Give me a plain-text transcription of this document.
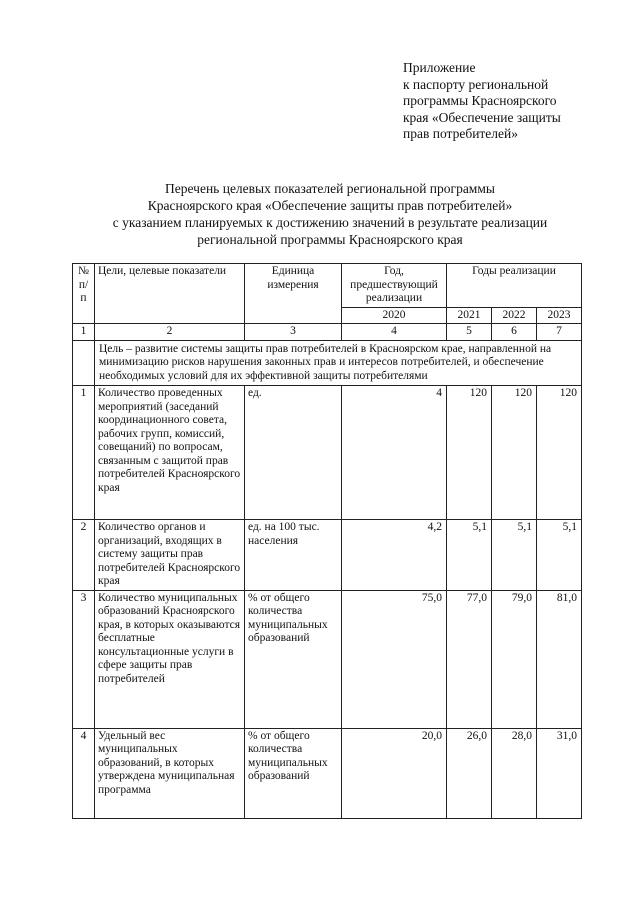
Приложение
к паспорту региональной
программы Красноярского
края «Обеспечение защиты
прав потребителей»
Перечень целевых показателей региональной программы
Красноярского края «Обеспечение защиты прав потребителей»
с указанием планируемых к достижению значений в результате реализации
региональной программы Красноярского края
№ п/п	Цели, целевые показатели	Единица измерения	Год, предшествующий реализации	Годы реализации		
			2020	2021	2022	2023
1	2	3	4	5	6	7
	Цель – развитие системы защиты прав потребителей в Красноярском крае, направленной на минимизацию рисков нарушения законных прав и интересов потребителей, и обеспечение необходимых условий для их эффективной защиты потребителями					
1	Количество проведенных мероприятий (заседаний координационного совета, рабочих групп, комиссий, совещаний) по вопросам, связанным с защитой прав потребителей Красноярского края	ед.	4	120	120	120
2	Количество органов и организаций, входящих в систему защиты прав потребителей Красноярского края	ед. на 100 тыс. населения	4,2	5,1	5,1	5,1
3	Количество муниципальных образований Красноярского края, в которых оказываются бесплатные консультационные услуги в сфере защиты прав потребителей	% от общего количества муниципальных образований	75,0	77,0	79,0	81,0
4	Удельный вес муниципальных образований, в которых утверждена муниципальная программа	% от общего количества муниципальных образований	20,0	26,0	28,0	31,0
